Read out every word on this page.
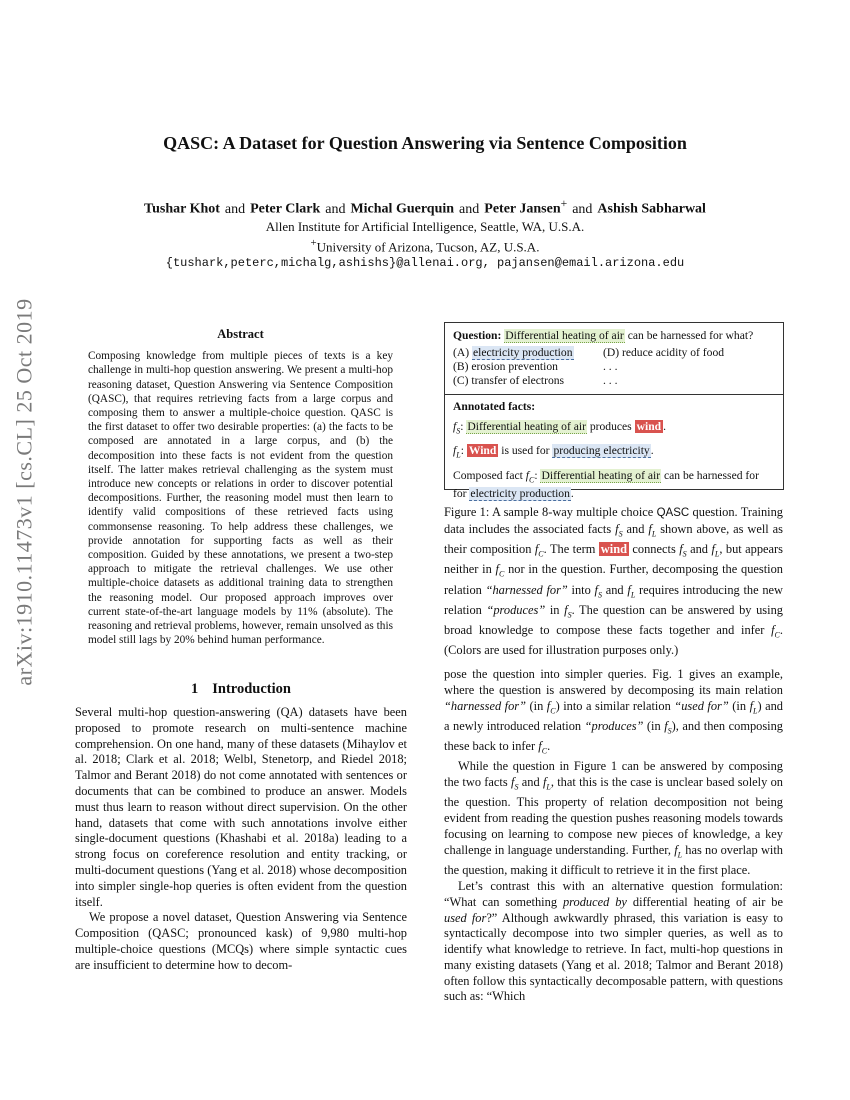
arXiv:1910.11473v1 [cs.CL] 25 Oct 2019
QASC: A Dataset for Question Answering via Sentence Composition
Tushar Khot and Peter Clark and Michal Guerquin and Peter Jansen+ and Ashish Sabharwal
Allen Institute for Artificial Intelligence, Seattle, WA, U.S.A.
+University of Arizona, Tucson, AZ, U.S.A.
{tushark,peterc,michalg,ashishs}@allenai.org, pajansen@email.arizona.edu
Abstract

Composing knowledge from multiple pieces of texts is a key challenge in multi-hop question answering. We present a multi-hop reasoning dataset, Question Answering via Sentence Composition (QASC), that requires retrieving facts from a large corpus and composing them to answer a multiple-choice question. QASC is the first dataset to offer two desirable properties: (a) the facts to be composed are annotated in a large corpus, and (b) the decomposition into these facts is not evident from the question itself. The latter makes retrieval challenging as the system must introduce new concepts or relations in order to discover potential decompositions. Further, the reasoning model must then learn to identify valid compositions of these retrieved facts using commonsense reasoning. To help address these challenges, we provide annotation for supporting facts as well as their composition. Guided by these annotations, we present a two-step approach to mitigate the retrieval challenges. We use other multiple-choice datasets as additional training data to strengthen the reasoning model. Our proposed approach improves over current state-of-the-art language models by 11% (absolute). The reasoning and retrieval problems, however, remain unsolved as this model still lags by 20% behind human performance.

1 Introduction

Several multi-hop question-answering (QA) datasets have been proposed to promote research on multi-sentence machine comprehension. On one hand, many of these datasets (Mihaylov et al. 2018; Clark et al. 2018; Welbl, Stenetorp, and Riedel 2018; Talmor and Berant 2018) do not come annotated with sentences or documents that can be combined to produce an answer. Models must thus learn to reason without direct supervision. On the other hand, datasets that come with such annotations involve either single-document questions (Khashabi et al. 2018a) leading to a strong focus on coreference resolution and entity tracking, or multi-document questions (Yang et al. 2018) whose decomposition into simpler single-hop queries is often evident from the question itself.

We propose a novel dataset, Question Answering via Sentence Composition (QASC; pronounced kask) of 9,980 multi-hop multiple-choice questions (MCQs) where simple syntactic cues are insufficient to determine how to decom-

Question: Differential heating of air can be harnessed for what?
(A) electricity production	(D) reduce acidity of food
(B) erosion prevention	. . .
(C) transfer of electrons	. . .
Annotated facts:
$f_S$: Differential heating of air produces wind .
$f_L$: Wind is used for producing electricity.
Composed fact $f_C$: Differential heating of air can be harnessed for for electricity production.

Figure 1: A sample 8-way multiple choice QASC question. Training data includes the associated facts $f_S$ and $f_L$ shown above, as well as their composition $f_C$. The term wind connects $f_S$ and $f_L$, but appears neither in $f_C$ nor in the question. Further, decomposing the question relation “harnessed for” into $f_S$ and $f_L$ requires introducing the new relation “produces” in $f_S$. The question can be answered by using broad knowledge to compose these facts together and infer $f_C$. (Colors are used for illustration purposes only.)

pose the question into simpler queries. Fig. 1 gives an example, where the question is answered by decomposing its main relation “harnessed for” (in $f_C$) into a similar relation “used for” (in $f_L$) and a newly introduced relation “produces” (in $f_S$), and then composing these back to infer $f_C$.

While the question in Figure 1 can be answered by composing the two facts $f_S$ and $f_L$, that this is the case is unclear based solely on the question. This property of relation decomposition not being evident from reading the question pushes reasoning models towards focusing on learning to compose new pieces of knowledge, a key challenge in language understanding. Further, $f_L$ has no overlap with the question, making it difficult to retrieve it in the first place.

Let’s contrast this with an alternative question formulation: “What can something produced by differential heating of air be used for?” Although awkwardly phrased, this variation is easy to syntactically decompose into two simpler queries, as well as to identify what knowledge to retrieve. In fact, multi-hop questions in many existing datasets (Yang et al. 2018; Talmor and Berant 2018) often follow this syntactically decomposable pattern, with questions such as: “Which
